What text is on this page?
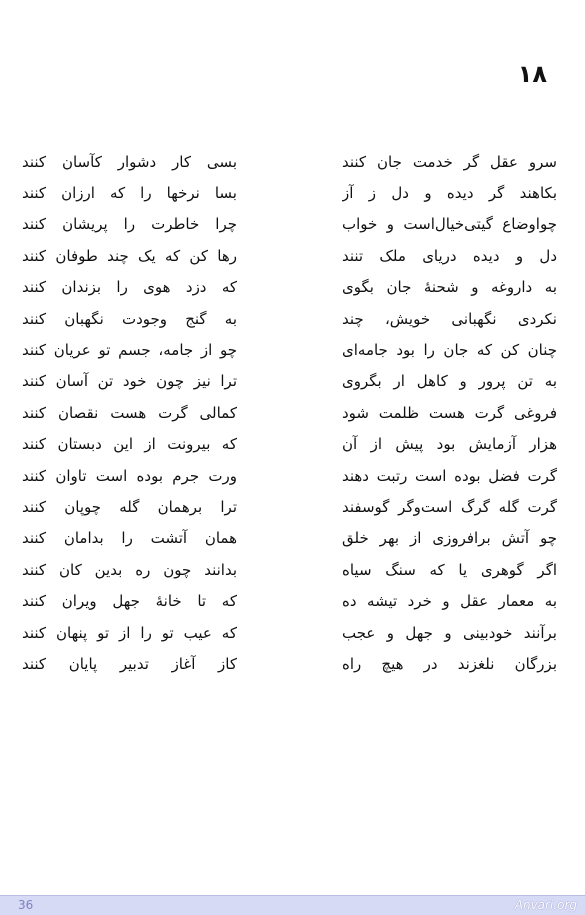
۱۸
سرو عقل گر خدمت جان کنند
بسی کار دشوار کآسان کنند
بکاهند گر دیده و دل ز آز
بسا نرخها را که ارزان کنند
چواوضاع گیتی‌خیال‌است و خواب
چرا خاطرت را پریشان کنند
دل و دیده دریای ملک تنند
رها کن که یک چند طوفان کنند
به داروغه و شحنهٔ جان بگوی
که دزد هوی را بزندان کنند
نکردی نگهبانی خویش، چند
به گنج وجودت نگهبان کنند
چنان کن که جان را بود جامه‌ای
چو از جامه، جسم تو عریان کنند
به تن پرور و کاهل ار بگروی
ترا نیز چون خود تن آسان کنند
فروغی گرت هست ظلمت شود
کمالی گرت هست نقصان کنند
هزار آزمایش بود پیش از آن
که بیرونت از این دبستان کنند
گرت فضل بوده است رتبت دهند
ورت جرم بوده است تاوان کنند
گرت گله گرگ است‌وگر گوسفند
ترا برهمان گله چوپان کنند
چو آتش برافروزی از بهر خلق
همان آتشت را بدامان کنند
اگر گوهری یا که سنگ سیاه
بدانند چون ره بدین کان کنند
به معمار عقل و خرد تیشه ده
که تا خانهٔ جهل ویران کنند
برآنند خودبینی و جهل و عجب
که عیب تو را از تو پنهان کنند
بزرگان نلغزند در هیچ راه
کاز آغاز تدبیر پایان کنند
36	Anvari.org
